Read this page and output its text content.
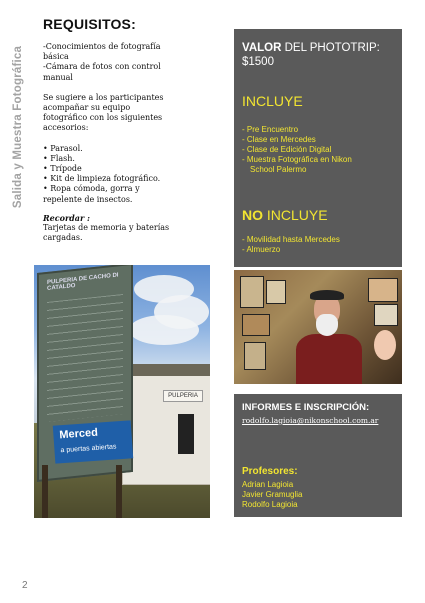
Salida y Muestra Fotográfica
REQUISITOS:
-Conocimientos de fotografía
básica
-Cámara de fotos con control
manual
Se sugiere a los participantes
acompañar su equipo
fotográfico con los siguientes
accesorios:
• Parasol.
• Flash.
• Trípode
• Kit de limpieza fotográfico.
• Ropa cómoda, gorra y
repelente de insectos.
Recordar :
Tarjetas de memoria y baterías
cargadas.
PULPERIA
PULPERIA DE CACHO DI CATALDO
Merced
a puertas abiertas
VALOR DEL PHOTOTRIP:
$1500
INCLUYE
- Pre Encuentro
- Clase en Mercedes
- Clase de Edición Digital
- Muestra Fotográfica en Nikon
School Palermo
NO INCLUYE
- Movilidad hasta Mercedes
- Almuerzo
INFORMES E INSCRIPCIÓN:
rodolfo.lagioia@nikonschool.com.ar
Profesores:
Adrian Lagioia
Javier Gramuglia
Rodolfo Lagioia
2
